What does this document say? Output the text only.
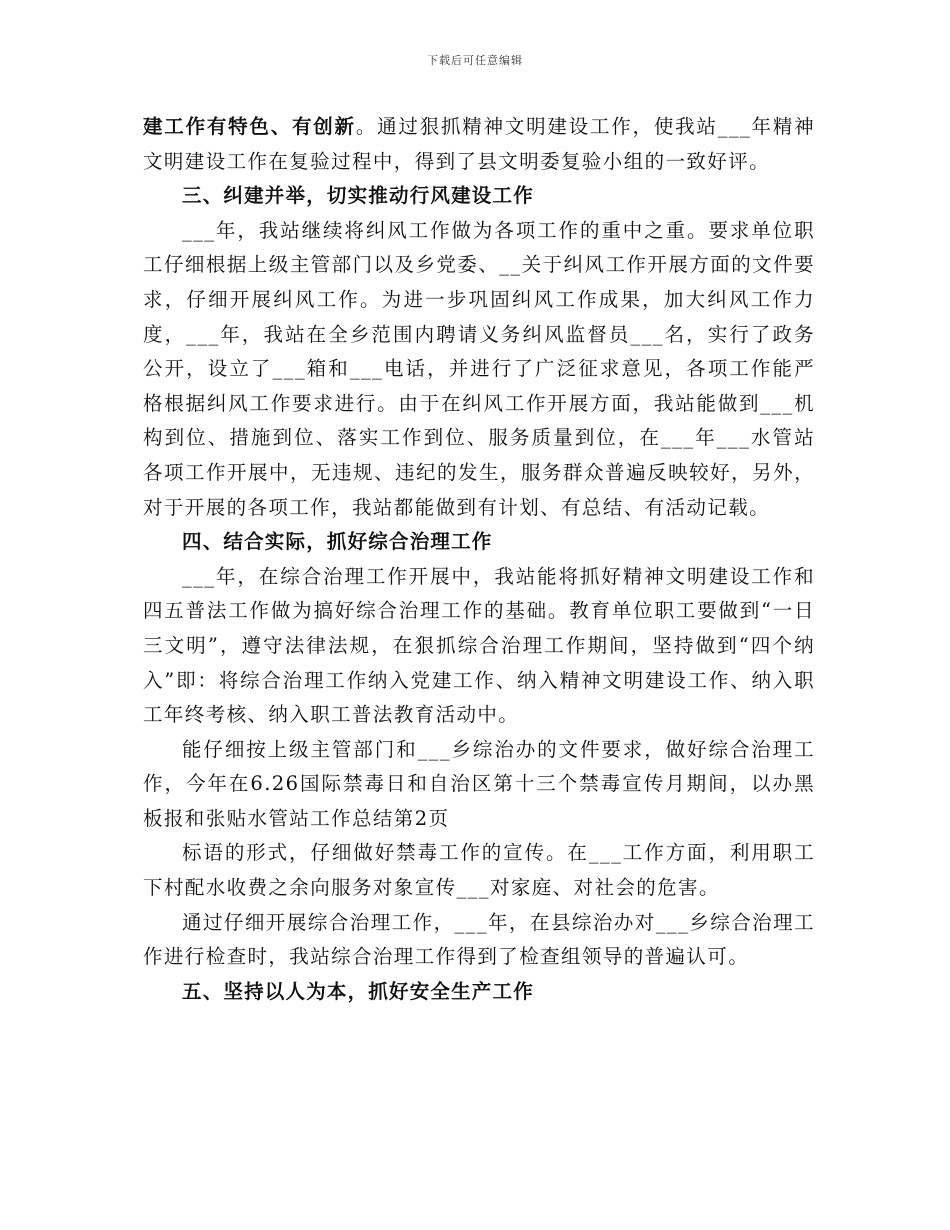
下载后可任意编辑

建工作有特色、有创新。通过狠抓精神文明建设工作，使我站___年精神文明建设工作在复验过程中，得到了县文明委复验小组的一致好评。

三、纠建并举，切实推动行风建设工作

___年，我站继续将纠风工作做为各项工作的重中之重。要求单位职工仔细根据上级主管部门以及乡党委、__关于纠风工作开展方面的文件要求，仔细开展纠风工作。为进一步巩固纠风工作成果，加大纠风工作力度，___年，我站在全乡范围内聘请义务纠风监督员___名，实行了政务公开，设立了___箱和___电话，并进行了广泛征求意见，各项工作能严格根据纠风工作要求进行。由于在纠风工作开展方面，我站能做到___机构到位、措施到位、落实工作到位、服务质量到位，在___年___水管站各项工作开展中，无违规、违纪的发生，服务群众普遍反映较好，另外，对于开展的各项工作，我站都能做到有计划、有总结、有活动记载。

四、结合实际，抓好综合治理工作

___年，在综合治理工作开展中，我站能将抓好精神文明建设工作和四五普法工作做为搞好综合治理工作的基础。教育单位职工要做到“一日三文明”，遵守法律法规，在狠抓综合治理工作期间，坚持做到“四个纳入”即：将综合治理工作纳入党建工作、纳入精神文明建设工作、纳入职工年终考核、纳入职工普法教育活动中。

能仔细按上级主管部门和___乡综治办的文件要求，做好综合治理工作，今年在6.26国际禁毒日和自治区第十三个禁毒宣传月期间，以办黑板报和张贴水管站工作总结第2页

标语的形式，仔细做好禁毒工作的宣传。在___工作方面，利用职工下村配水收费之余向服务对象宣传___对家庭、对社会的危害。

通过仔细开展综合治理工作，___年，在县综治办对___乡综合治理工作进行检查时，我站综合治理工作得到了检查组领导的普遍认可。

五、坚持以人为本，抓好安全生产工作
